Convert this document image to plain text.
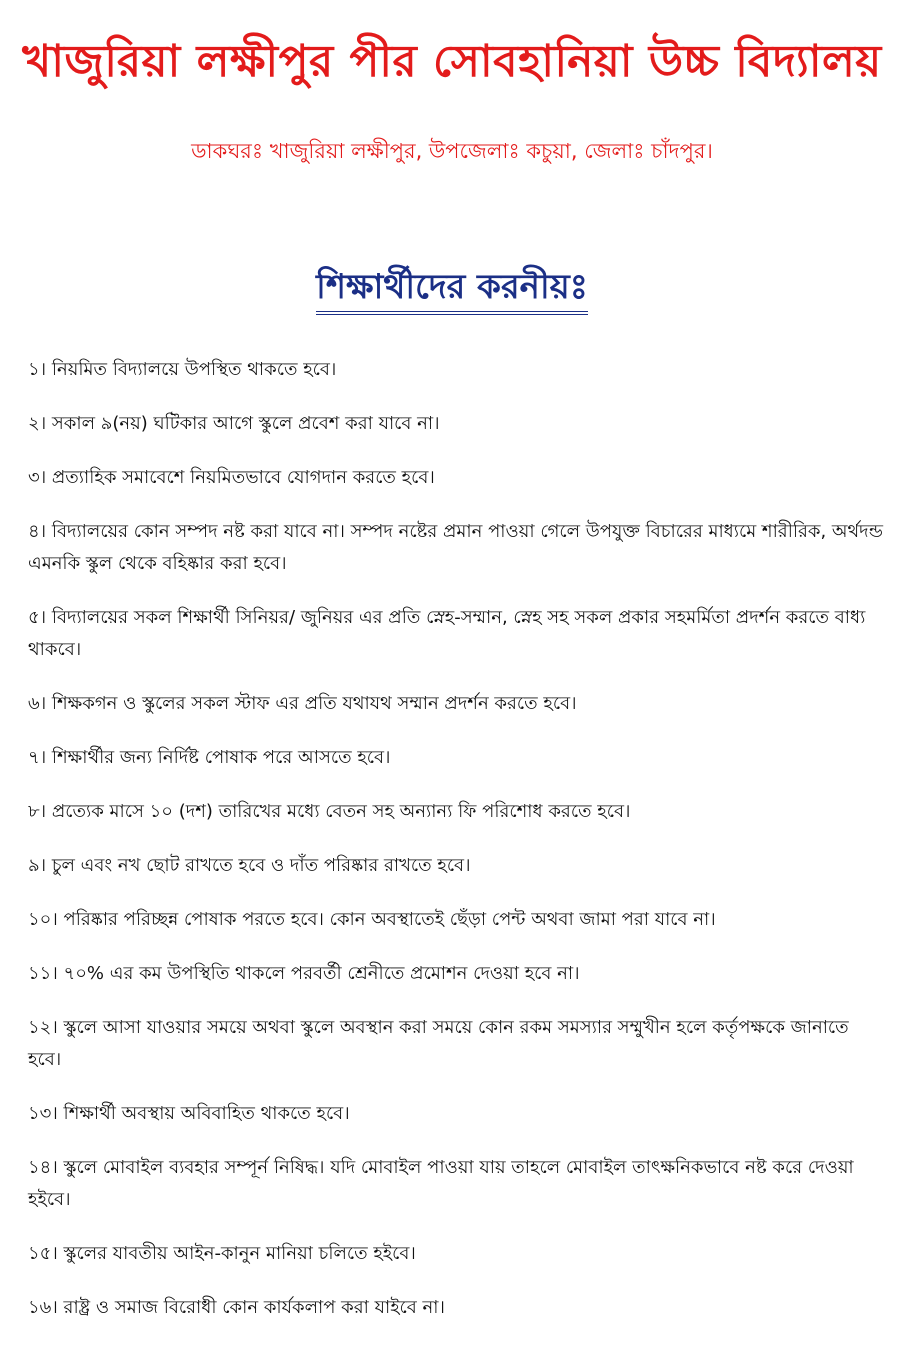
খাজুরিয়া লক্ষীপুর পীর সোবহানিয়া উচ্চ বিদ্যালয়

ডাকঘরঃ খাজুরিয়া লক্ষীপুর, উপজেলাঃ কচুয়া, জেলাঃ চাঁদপুর।

শিক্ষার্থীদের করনীয়ঃ
১। নিয়মিত বিদ্যালয়ে উপস্থিত থাকতে হবে।
২। সকাল ৯(নয়) ঘটিকার আগে স্কুলে প্রবেশ করা যাবে না।
৩। প্রত্যাহিক সমাবেশে নিয়মিতভাবে যোগদান করতে হবে।
৪। বিদ্যালয়ের কোন সম্পদ নষ্ট করা যাবে না। সম্পদ নষ্টের প্রমান পাওয়া গেলে উপযুক্ত বিচারের মাধ্যমে শারীরিক, অর্থদন্ড এমনকি স্কুল থেকে বহিষ্কার করা হবে।
৫। বিদ্যালয়ের সকল শিক্ষার্থী সিনিয়র/ জুনিয়র এর প্রতি স্নেহ-সম্মান, স্নেহ সহ সকল প্রকার সহমর্মিতা প্রদর্শন করতে বাধ্য থাকবে।
৬। শিক্ষকগন ও স্কুলের সকল স্টাফ এর প্রতি যথাযথ সম্মান প্রদর্শন করতে হবে।
৭। শিক্ষার্থীর জন্য নির্দিষ্ট পোষাক পরে আসতে হবে।
৮। প্রত্যেক মাসে ১০ (দশ) তারিখের মধ্যে বেতন সহ অন্যান্য ফি পরিশোধ করতে হবে।
৯। চুল এবং নখ ছোট রাখতে হবে ও দাঁত পরিষ্কার রাখতে হবে।
১০। পরিষ্কার পরিচ্ছন্ন পোষাক পরতে হবে। কোন অবস্থাতেই ছেঁড়া পেন্ট অথবা জামা পরা যাবে না।
১১। ৭০% এর কম উপস্থিতি থাকলে পরবর্তী শ্রেনীতে প্রমোশন দেওয়া হবে না।
১২। স্কুলে আসা যাওয়ার সময়ে অথবা স্কুলে অবস্থান করা সময়ে কোন রকম সমস্যার সম্মুখীন হলে কর্তৃপক্ষকে জানাতে হবে।
১৩। শিক্ষার্থী অবস্থায় অবিবাহিত থাকতে হবে।
১৪। স্কুলে মোবাইল ব্যবহার সম্পূর্ন নিষিদ্ধ। যদি মোবাইল পাওয়া যায় তাহলে মোবাইল তাৎক্ষনিকভাবে নষ্ট করে দেওয়া হইবে।
১৫। স্কুলের যাবতীয় আইন-কানুন মানিয়া চলিতে হইবে।
১৬। রাষ্ট্র ও সমাজ বিরোধী কোন কার্যকলাপ করা যাইবে না।
